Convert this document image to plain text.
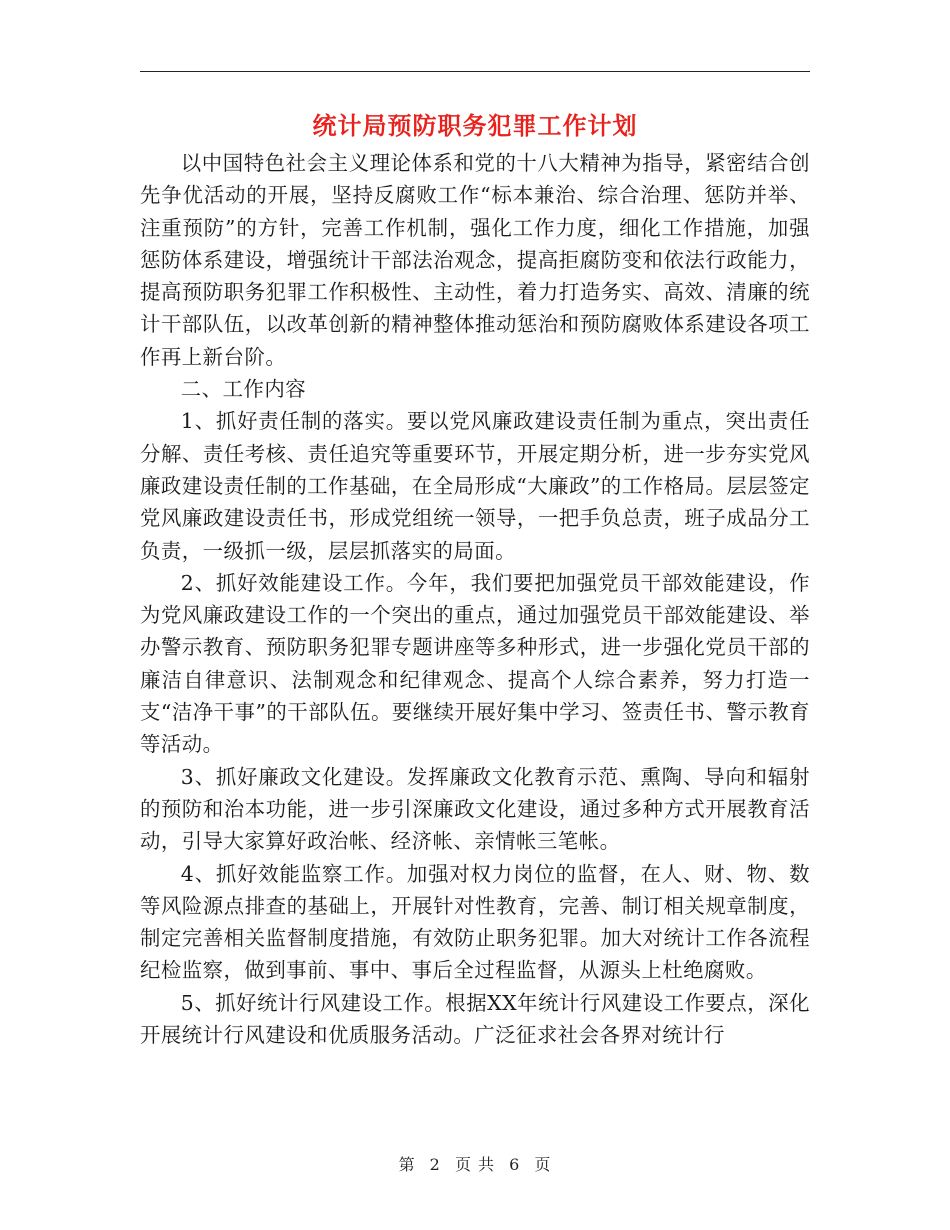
统计局预防职务犯罪工作计划

以中国特色社会主义理论体系和党的十八大精神为指导，紧密结合创先争优活动的开展，坚持反腐败工作“标本兼治、综合治理、惩防并举、注重预防”的方针，完善工作机制，强化工作力度，细化工作措施，加强惩防体系建设，增强统计干部法治观念，提高拒腐防变和依法行政能力，提高预防职务犯罪工作积极性、主动性，着力打造务实、高效、清廉的统计干部队伍，以改革创新的精神整体推动惩治和预防腐败体系建设各项工作再上新台阶。

二、工作内容

1、抓好责任制的落实。要以党风廉政建设责任制为重点，突出责任分解、责任考核、责任追究等重要环节，开展定期分析，进一步夯实党风廉政建设责任制的工作基础，在全局形成“大廉政”的工作格局。层层签定党风廉政建设责任书，形成党组统一领导，一把手负总责，班子成品分工负责，一级抓一级，层层抓落实的局面。

2、抓好效能建设工作。今年，我们要把加强党员干部效能建设，作为党风廉政建设工作的一个突出的重点，通过加强党员干部效能建设、举办警示教育、预防职务犯罪专题讲座等多种形式，进一步强化党员干部的廉洁自律意识、法制观念和纪律观念、提高个人综合素养，努力打造一支“洁净干事”的干部队伍。要继续开展好集中学习、签责任书、警示教育等活动。

3、抓好廉政文化建设。发挥廉政文化教育示范、熏陶、导向和辐射的预防和治本功能，进一步引深廉政文化建设，通过多种方式开展教育活动，引导大家算好政治帐、经济帐、亲情帐三笔帐。

4、抓好效能监察工作。加强对权力岗位的监督，在人、财、物、数等风险源点排查的基础上，开展针对性教育，完善、制订相关规章制度，制定完善相关监督制度措施，有效防止职务犯罪。加大对统计工作各流程纪检监察，做到事前、事中、事后全过程监督，从源头上杜绝腐败。

5、抓好统计行风建设工作。根据XX年统计行风建设工作要点，深化开展统计行风建设和优质服务活动。广泛征求社会各界对统计行

第 2 页 共 6 页
